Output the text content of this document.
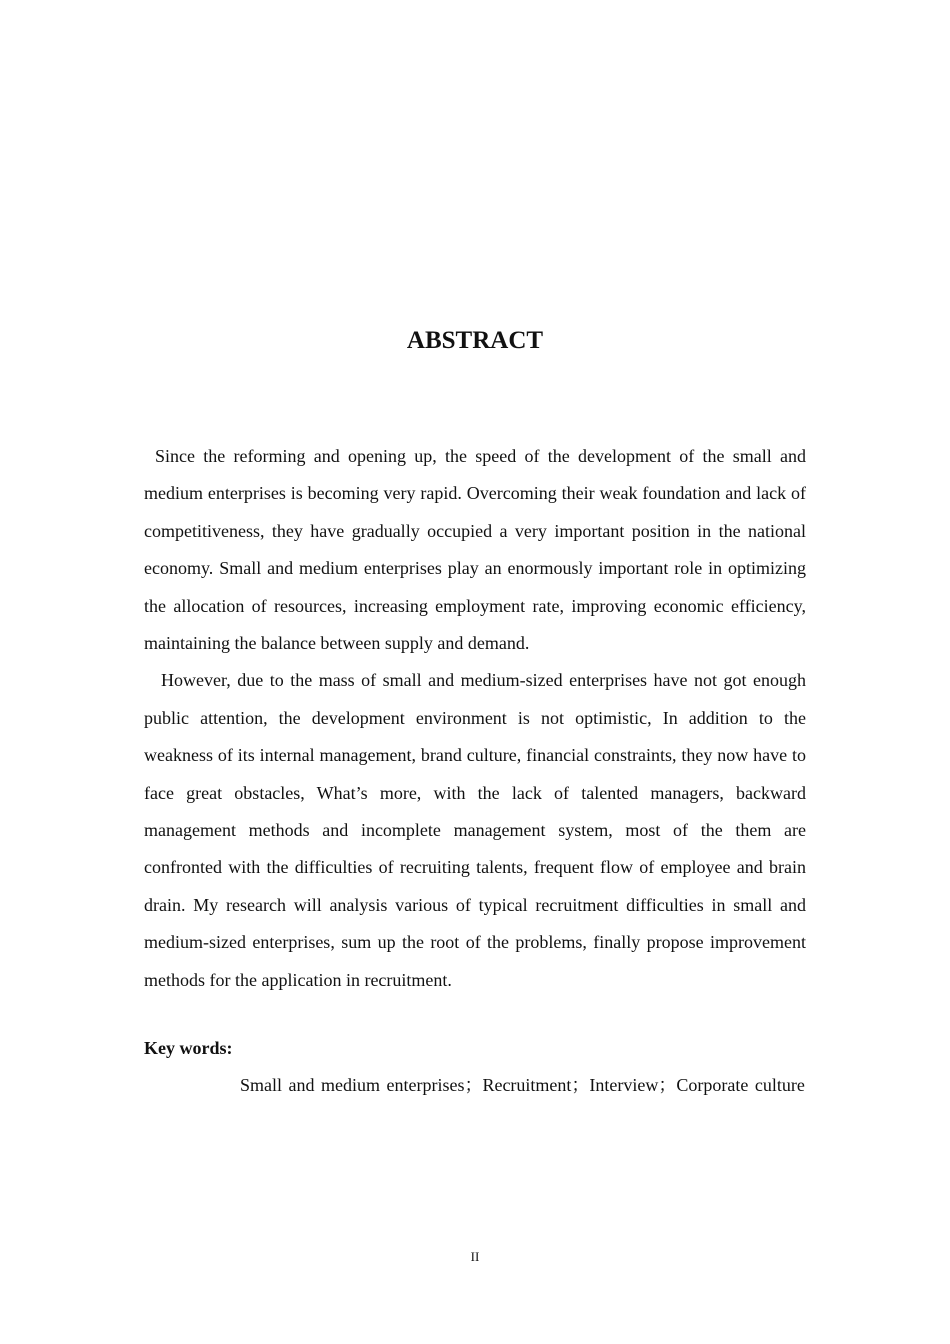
ABSTRACT

Since the reforming and opening up, the speed of the development of the small and medium enterprises is becoming very rapid. Overcoming their weak foundation and lack of competitiveness, they have gradually occupied a very important position in the national economy. Small and medium enterprises play an enormously important role in optimizing the allocation of resources, increasing employment rate, improving economic efficiency, maintaining the balance between supply and demand.

However, due to the mass of small and medium-sized enterprises have not got enough public attention, the development environment is not optimistic, In addition to the weakness of its internal management, brand culture, financial constraints, they now have to face great obstacles, What’s more, with the lack of talented managers, backward management methods and incomplete management system, most of the them are confronted with the difficulties of recruiting talents, frequent flow of employee and brain drain. My research will analysis various of typical recruitment difficulties in small and medium-sized enterprises, sum up the root of the problems, finally propose improvement methods for the application in recruitment.

Key words:

Small and medium enterprises；Recruitment；Interview；Corporate culture

II
